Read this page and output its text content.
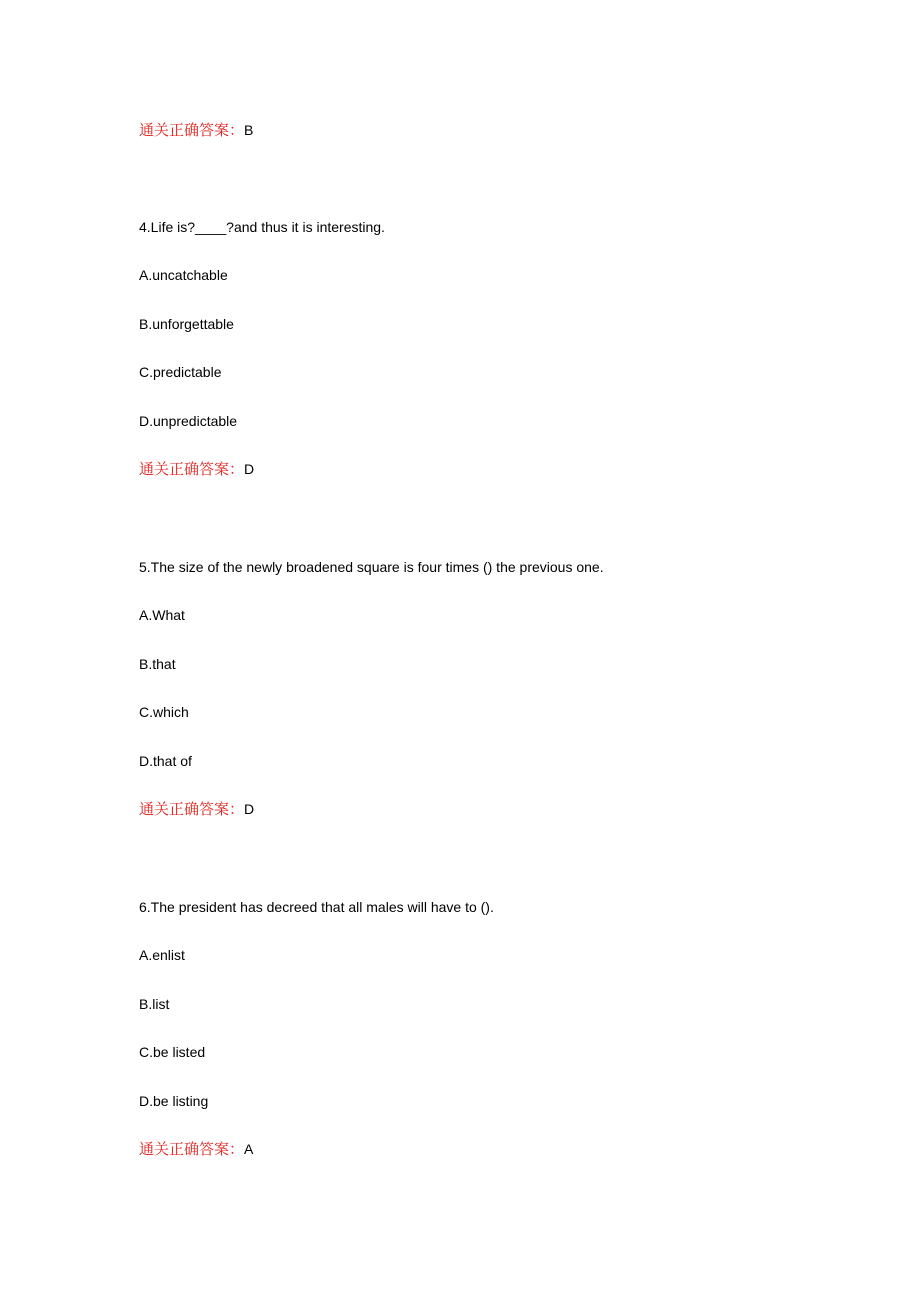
通关正确答案：B

4.Life is?____?and thus it is interesting.

A.uncatchable

B.unforgettable

C.predictable

D.unpredictable

通关正确答案：D

5.The size of the newly broadened square is four times () the previous one.

A.What

B.that

C.which

D.that of

通关正确答案：D

6.The president has decreed that all males will have to ().

A.enlist

B.list

C.be listed

D.be listing

通关正确答案：A
